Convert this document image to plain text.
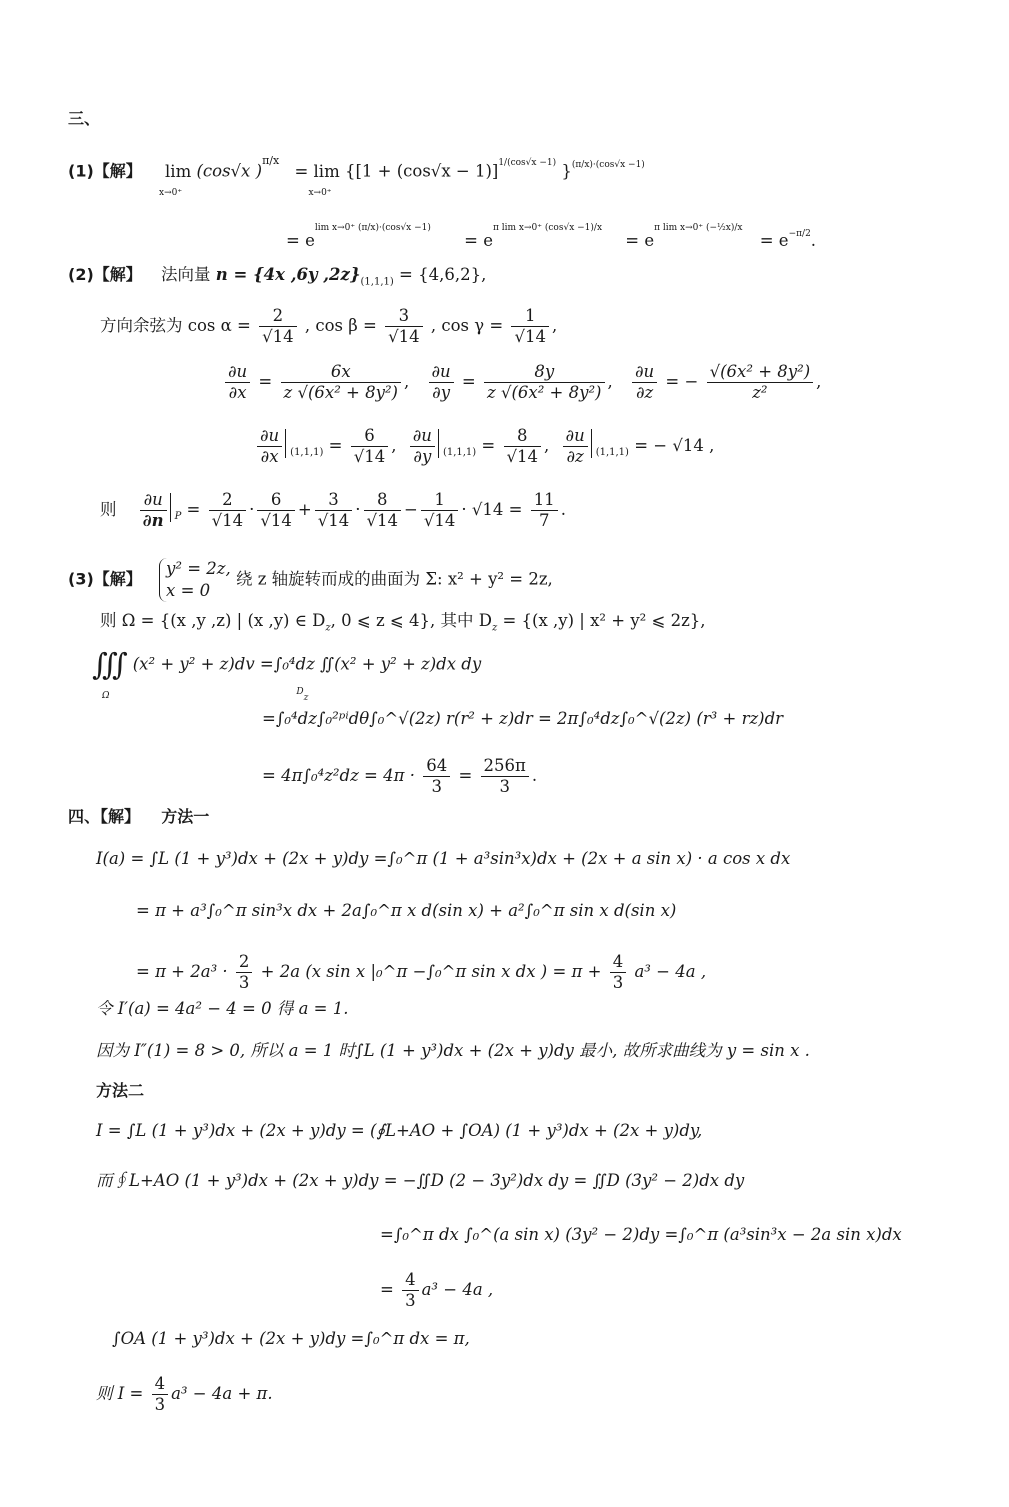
三、
(1)【解】 lim
x→0⁺
(cos√x )$^{\pi/x}$ = lim
x→0⁺
{$[1 + (\cos√x - 1)]^{1/(cos√x -1)}$ }$^{(\pi/x)\cdot(cos√x -1)}$
= $e^{lim x\to 0^+ (\pi/x)\cdot(cos√x -1)} = e^{\pi lim x\to 0^+ (cos√x -1)/x} = e^{\pi lim x\to 0^+ (-\frac{1}{2}x)/x} = e^{-\pi/2}$.
(2)【解】 法向量 n = {4x ,6y $,2z\}_{(1,1,1)} = \{4,6,2\}$,
方向余弦为 $\cos \alpha = \frac{2}{√14}$ , $\cos \beta = \frac{3}{√14}$ , $\cos \gamma = \frac{1}{√14}$ ,
$\frac{\partial u}{\partial x} = \frac{6x}{\text{z √(6x² + 8y²)}}$ , $\frac{\partial u}{\partial y} = \frac{8y}{\text{z √(6x² + 8y²)}}$ , $\frac{\partial u}{\partial z}$ = − $\frac{\text{√(6x² + 8y²)}}{\text{z²}}$ ,
$\frac{\partial u}{\partial x} _{(1,1,1)} = \frac{6}{√14}$ , $\frac{\partial u}{\partial y} _{(1,1,1)} = \frac{8}{√14}$ , $\frac{\partial u}{\partial z} _{(1,1,1)}$ = − √14 ,
则 $\frac{\partial u}{\partial n} _P = \frac{2}{√14} \cdot \frac{6}{√14} + \frac{3}{√14} \cdot \frac{8}{√14} - \frac{1}{√14} \cdot √14 = \frac{11}{7}$ .
(3)【解】
y² = 2z,
x = 0
绕 z 轴旋转而成的曲面为 Σ: x² + y² = 2z,
则 Ω = {(x ,y ,z) | (x ,y) ∈ $D_z$, 0 ⩽ z ⩽ 4}, 其中 $D_z = \{(x$ ,y) | x² + y² ⩽ 2z},
∭
Ω
(x² + y² + z)dv =∫₀⁴dz ∬(x² + y² + z)dx dy $_{Dz}$
=∫₀⁴dz∫₀²ᵖⁱdθ∫₀^√(2z) r(r² + z)dr = 2π∫₀⁴dz∫₀^√(2z) (r³ + rz)dr
= $4\pi\int_0^4z^2dz = 4\pi \cdot \frac{64}{3} = \frac{256\pi}{3}$ .
四、【解】 方法一
I(a) = ∫L (1 + y³)dx + (2x + y)dy =∫₀^π (1 + a³sin³x)dx + (2x + a sin x) · a cos x dx
= π + a³∫₀^π sin³x dx + 2a∫₀^π x d(sin x) + a²∫₀^π sin x d(sin x)
= $\pi + 2a^3 \cdot \frac{2}{3} + 2a$ (x sin x |₀^π −∫₀^π sin x dx ) = $\pi + \frac{4}{3} a^3 - 4a$ ,
令 I′(a) = 4a² − 4 = 0 得 a = 1.
因为 I″(1) = 8 > 0, 所以 a = 1 时∫L (1 + y³)dx + (2x + y)dy 最小, 故所求曲线为 y = sin x .
方法二
I = ∫L (1 + y³)dx + (2x + y)dy = (∮L+AO + ∫OA) (1 + y³)dx + (2x + y)dy,
而∮L+AO (1 + y³)dx + (2x + y)dy = −∬D (2 − 3y²)dx dy = ∬D (3y² − 2)dx dy
=∫₀^π dx ∫₀^(a sin x) (3y² − 2)dy =∫₀^π (a³sin³x − 2a sin x)dx
= $\frac{4}{3} a^3 - 4a$ ,
∫OA (1 + y³)dx + (2x + y)dy =∫₀^π dx = π,
则 $I = \frac{4}{3} a^3 - 4a + \pi$.
